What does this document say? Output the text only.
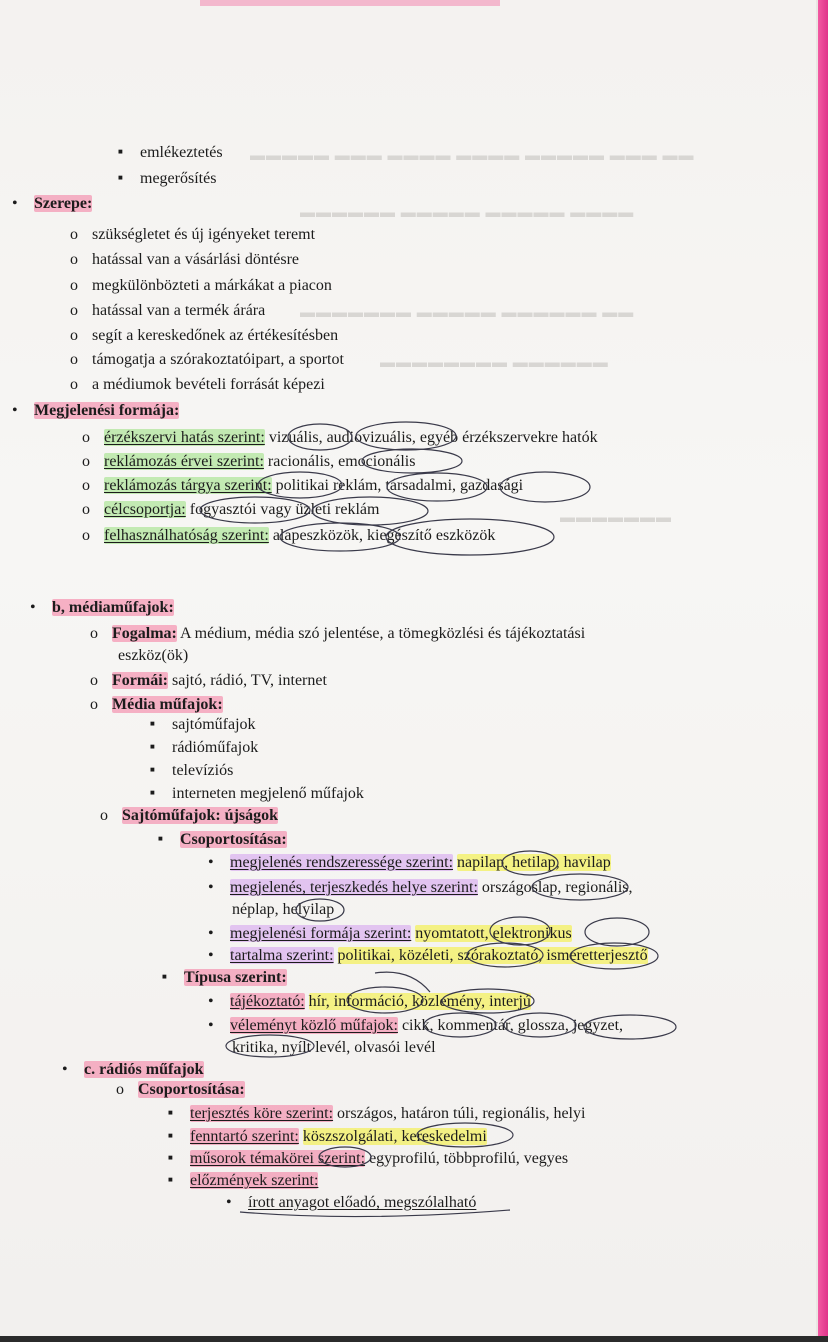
▬▬▬▬▬ ▬▬▬ ▬▬▬▬ ▬▬▬▬ ▬▬▬▬▬ ▬▬▬ ▬▬
▬▬▬▬▬▬ ▬▬▬▬▬ ▬▬▬▬▬ ▬▬▬▬
▬▬▬▬▬▬▬ ▬▬▬▬▬ ▬▬▬▬▬▬ ▬▬
▬▬▬▬▬▬▬▬ ▬▬▬▬▬▬
▬▬▬▬▬▬▬
■ emlékeztetés
■ megerősítés
• Szerepe:
o szükségletet és új igényeket teremt
o hatással van a vásárlási döntésre
o megkülönbözteti a márkákat a piacon
o hatással van a termék árára
o segít a kereskedőnek az értékesítésben
o támogatja a szórakoztatóipart, a sportot
o a médiumok bevételi forrását képezi
• Megjelenési formája:
o érzékszervi hatás szerint: vizuális, audiovizuális, egyéb érzékszervekre hatók
o reklámozás érvei szerint: racionális, emocionális
o reklámozás tárgya szerint: politikai reklám, társadalmi, gazdasági
o célcsoportja: fogyasztói vagy üzleti reklám
o felhasználhatóság szerint: alapeszközök, kiegészítő eszközök
• b, médiaműfajok:
o Fogalma: A médium, média szó jelentése, a tömegközlési és tájékoztatási
eszköz(ök)
o Formái: sajtó, rádió, TV, internet
o Média műfajok:
■ sajtóműfajok
■ rádióműfajok
■ televíziós
■ interneten megjelenő műfajok
o Sajtóműfajok: újságok
■ Csoportosítása:
• megjelenés rendszeressége szerint: napilap, hetilap, havilap
• megjelenés, terjeszkedés helye szerint: országoslap, regionális,
néplap, helyilap
• megjelenési formája szerint: nyomtatott, elektronikus
• tartalma szerint: politikai, közéleti, szórakoztató, ismeretterjesztő
■ Típusa szerint:
• tájékoztató: hír, információ, közlemény, interjú
• véleményt közlő műfajok: cikk, kommentár, glossza, jegyzet,
kritika, nyílt levél, olvasói levél
• c. rádiós műfajok
o Csoportosítása:
■ terjesztés köre szerint: országos, határon túli, regionális, helyi
■ fenntartó szerint: köszszolgálati, kereskedelmi
■ műsorok témakörei szerint: egyprofilú, többprofilú, vegyes
■ előzmények szerint:
• írott anyagot előadó, megszólalható
